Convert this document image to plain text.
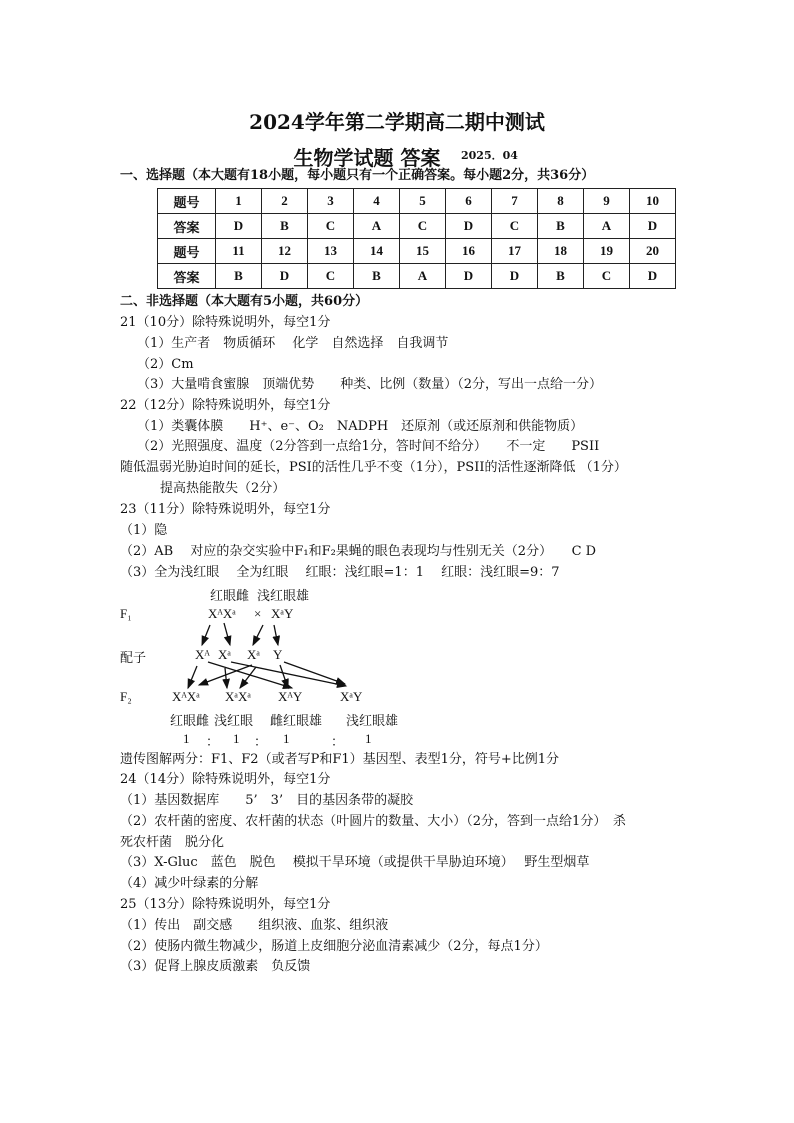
2024学年第二学期高二期中测试
生物学试题 答案	2025．04
一、选择题（本大题有18小题，每小题只有一个正确答案。每小题2分，共36分）
题号	1	2	3	4	5	6	7	8	9	10
答案	D	B	C	A	C	D	C	B	A	D
题号	11	12	13	14	15	16	17	18	19	20
答案	B	D	C	B	A	D	D	B	C	D
二、非选择题（本大题有5小题，共60分）
21（10分）除特殊说明外，每空1分
（1）生产者　物质循环　 化学　自然选择　自我调节
（2）Cm
（3）大量啃食蜜腺　顶端优势　　种类、比例（数量）（2分，写出一点给一分）
22（12分）除特殊说明外，每空1分
（1）类囊体膜　　H⁺、e⁻、O₂　NADPH　还原剂（或还原剂和供能物质）
（2）光照强度、温度（2分答到一点给1分，答时间不给分）　　不一定　　PSII
随低温弱光胁迫时间的延长，PSI的活性几乎不变（1分），PSII的活性逐渐降低 （1分）
提高热能散失（2分）
23（11分）除特殊说明外，每空1分
（1）隐
（2）AB　 对应的杂交实验中F₁和F₂果蝇的眼色表现均与性别无关（2分）　　C D
（3）全为浅红眼　 全为红眼　 红眼：浅红眼=1：1　 红眼：浅红眼=9：7
红眼雌 浅红眼雄
F₁	XᴬXᵃ × XᵃY
配子	Xᴬ Xᵃ Xᵃ Y
F₂	XᴬXᵃ XᵃXᵃ XᴬY	XᵃY
红眼雌 浅红眼 雌红眼雄 浅红眼雄
1 ： 1 ： 1	： 1
遗传图解两分：F1、F2（或者写P和F1）基因型、表型1分，符号+比例1分
24（14分）除特殊说明外，每空1分
（1）基因数据库　　5’　3’　目的基因条带的凝胶
（2）农杆菌的密度、农杆菌的状态（叶圆片的数量、大小）（2分，答到一点给1分）　杀
死农杆菌　脱分化
（3）X-Gluc　蓝色　脱色　 模拟干旱环境（或提供干旱胁迫环境）　 野生型烟草
（4）减少叶绿素的分解
25（13分）除特殊说明外，每空1分
（1）传出　副交感　　组织液、血浆、组织液
（2）使肠内微生物减少，肠道上皮细胞分泌血清素减少（2分，每点1分）
（3）促肾上腺皮质激素　负反馈
